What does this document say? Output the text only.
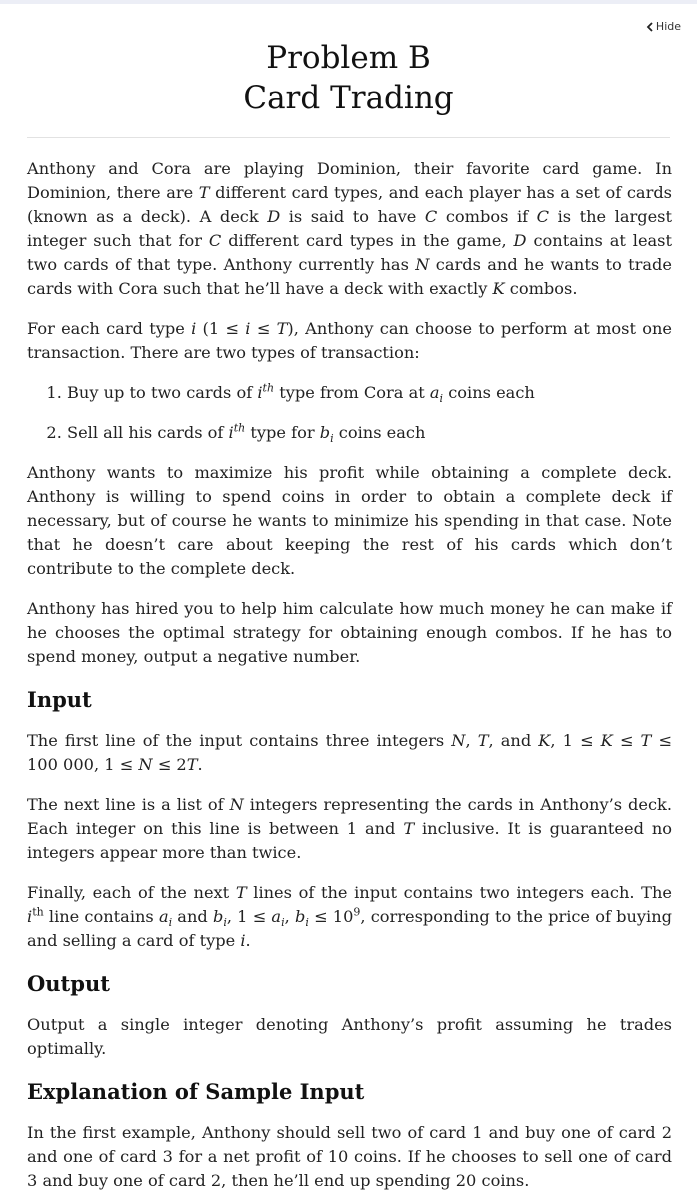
Hide
Problem B
Card Trading

Anthony and Cora are playing Dominion, their favorite card game. In Dominion, there are T different card types, and each player has a set of cards (known as a deck). A deck D is said to have C combos if C is the largest integer such that for C different card types in the game, D contains at least two cards of that type. Anthony currently has N cards and he wants to trade cards with Cora such that he’ll have a deck with exactly K combos.

For each card type i (1 ≤ i ≤ T), Anthony can choose to perform at most one transaction. There are two types of transaction:

1. Buy up to two cards of $i^{th}$ type from Cora at $a_i$ coins each
2. Sell all his cards of $i^{th}$ type for $b_i$ coins each

Anthony wants to maximize his profit while obtaining a complete deck. Anthony is willing to spend coins in order to obtain a complete deck if necessary, but of course he wants to minimize his spending in that case. Note that he doesn’t care about keeping the rest of his cards which don’t contribute to the complete deck.

Anthony has hired you to help him calculate how much money he can make if he chooses the optimal strategy for obtaining enough combos. If he has to spend money, output a negative number.

Input

The first line of the input contains three integers N, T, and K, 1 ≤ K ≤ T ≤ 100 000, 1 ≤ N ≤ 2T.

The next line is a list of N integers representing the cards in Anthony’s deck. Each integer on this line is between 1 and T inclusive. It is guaranteed no integers appear more than twice.

Finally, each of the next T lines of the input contains two integers each. The $i^{th}$ line contains $a_i$ and $b_i$, $1 \le a_i$, $b_i \le 10^9$, corresponding to the price of buying and selling a card of type i.

Output

Output a single integer denoting Anthony’s profit assuming he trades optimally.

Explanation of Sample Input

In the first example, Anthony should sell two of card 1 and buy one of card 2 and one of card 3 for a net profit of 10 coins. If he chooses to sell one of card 3 and buy one of card 2, then he’ll end up spending 20 coins.
